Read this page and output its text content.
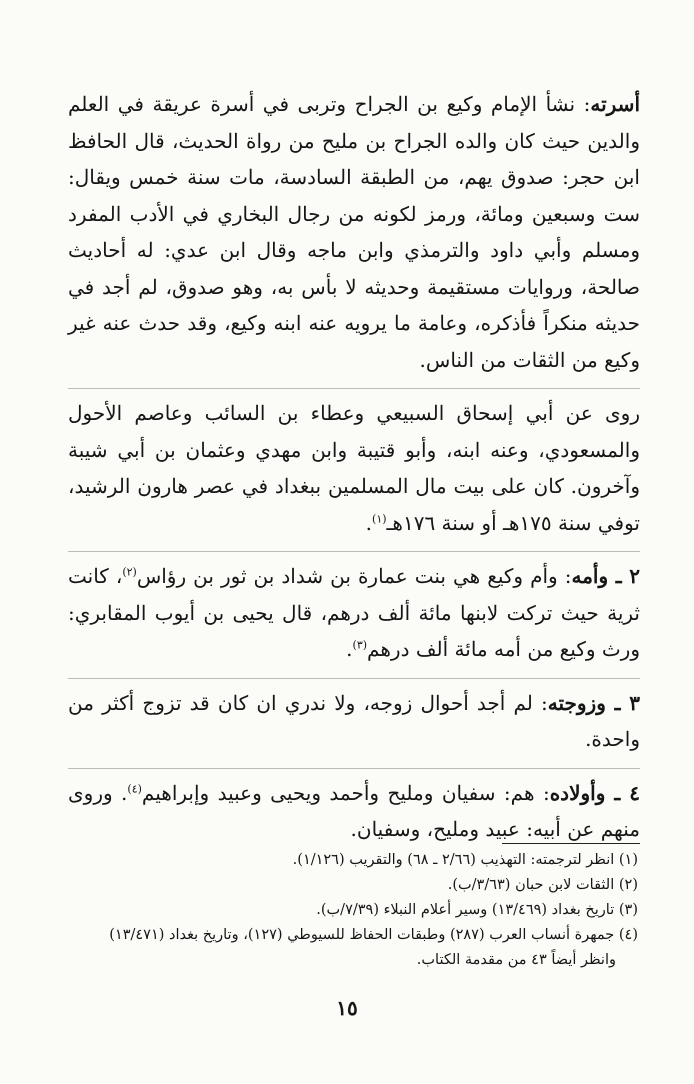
أسرته: نشأ الإمام وكيع بن الجراح وتربى في أسرة عريقة في العلم والدين حيث كان والده الجراح بن مليح من رواة الحديث، قال الحافظ ابن حجر: صدوق يهم، من الطبقة السادسة، مات سنة خمس ويقال: ست وسبعين ومائة، ورمز لكونه من رجال البخاري في الأدب المفرد ومسلم وأبي داود والترمذي وابن ماجه وقال ابن عدي: له أحاديث صالحة، وروايات مستقيمة وحديثه لا بأس به، وهو صدوق، لم أجد في حديثه منكراً فأذكره، وعامة ما يرويه عنه ابنه وكيع، وقد حدث عنه غير وكيع من الثقات من الناس.

روى عن أبي إسحاق السبيعي وعطاء بن السائب وعاصم الأحول والمسعودي، وعنه ابنه، وأبو قتيبة وابن مهدي وعثمان بن أبي شيبة وآخرون. كان على بيت مال المسلمين ببغداد في عصر هارون الرشيد، توفي سنة ١٧٥هـ أو سنة ١٧٦هـ$^{(١)}$.

٢ ـ وأمه: وأم وكيع هي بنت عمارة بن شداد بن ثور بن رؤاس$^{(٢)}$، كانت ثرية حيث تركت لابنها مائة ألف درهم، قال يحيى بن أيوب المقابري: ورث وكيع من أمه مائة ألف درهم$^{(٣)}$.

٣ ـ وزوجته: لم أجد أحوال زوجه، ولا ندري ان كان قد تزوج أكثر من واحدة.

٤ ـ وأولاده: هم: سفيان ومليح وأحمد ويحيى وعبيد وإبراهيم$^{(٤)}$. وروى منهم عن أبيه: عبيد ومليح، وسفيان.

(١) انظر لترجمته: التهذيب (٢/٦٦ ـ ٦٨) والتقريب (١/١٢٦).

(٢) الثقات لابن حبان (٣/٦٣/ب).

(٣) تاريخ بغداد (١٣/٤٦٩) وسير أعلام النبلاء (٧/٣٩/ب).

(٤) جمهرة أنساب العرب (٢٨٧) وطبقات الحفاظ للسيوطي (١٢٧)، وتاريخ بغداد (١٣/٤٧١)

وانظر أيضاً ٤٣ من مقدمة الكتاب.

١٥
